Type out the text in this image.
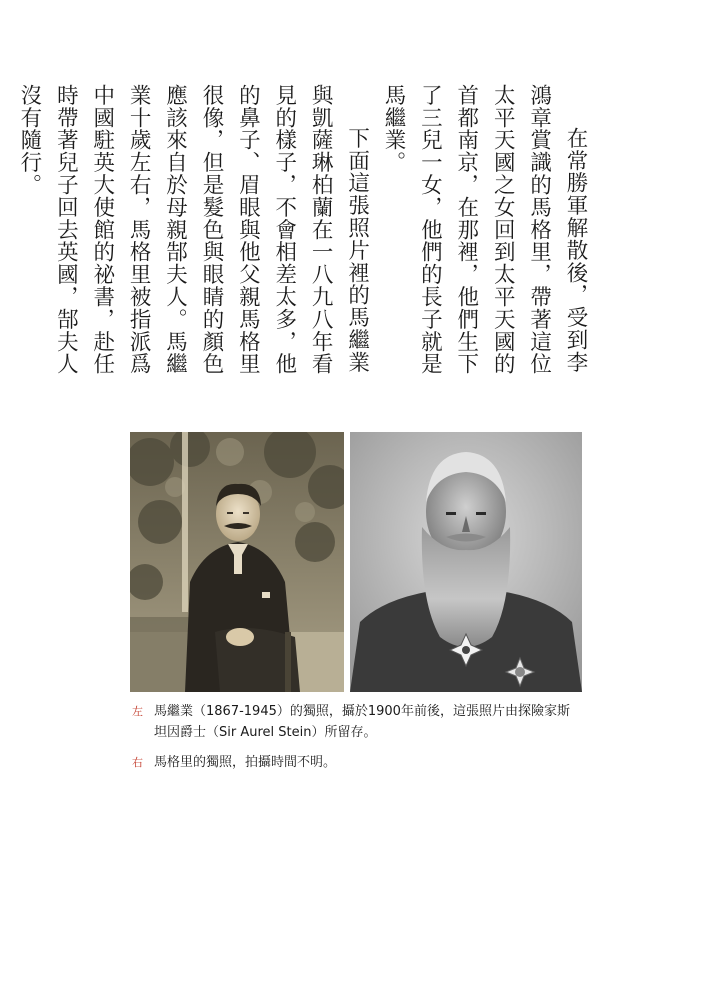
在常勝軍解散後，受到李鴻章賞識的馬格里，帶著這位太平天國之女回到太平天國的首都南京，在那裡，他們生下了三兒一女，他們的長子就是馬繼業。

下面這張照片裡的馬繼業與凱薩琳柏蘭在一八九八年看見的樣子，不會相差太多，他的鼻子、眉眼與他父親馬格里很像，但是髮色與眼睛的顏色應該來自於母親郜夫人。馬繼業十歲左右，馬格里被指派爲中國駐英大使館的祕書，赴任時帶著兒子回去英國，郜夫人沒有隨行。

左 馬繼業（1867-1945）的獨照，攝於1900年前後，這張照片由探險家斯坦因爵士（Sir Aurel Stein）所留存。
右 馬格里的獨照，拍攝時間不明。
